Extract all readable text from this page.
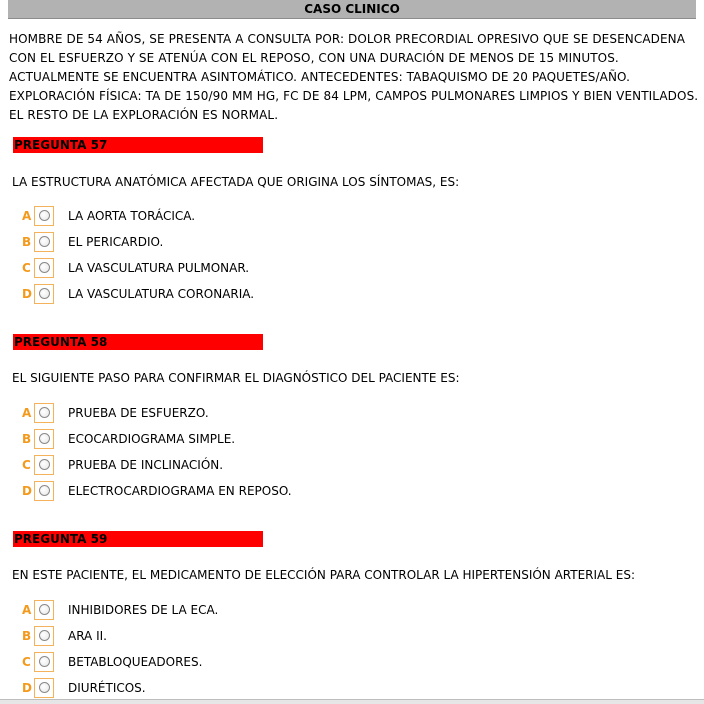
CASO CLINICO
HOMBRE DE 54 AÑOS, SE PRESENTA A CONSULTA POR: DOLOR PRECORDIAL OPRESIVO QUE SE DESENCADENA CON EL ESFUERZO Y SE ATENÚA CON EL REPOSO, CON UNA DURACIÓN DE MENOS DE 15 MINUTOS. ACTUALMENTE SE ENCUENTRA ASINTOMÁTICO. ANTECEDENTES: TABAQUISMO DE 20 PAQUETES/AÑO. EXPLORACIÓN FÍSICA: TA DE 150/90 MM HG, FC DE 84 LPM, CAMPOS PULMONARES LIMPIOS Y BIEN VENTILADOS. EL RESTO DE LA EXPLORACIÓN ES NORMAL.
PREGUNTA 57
LA ESTRUCTURA ANATÓMICA AFECTADA QUE ORIGINA LOS SÍNTOMAS, ES:
A	LA AORTA TORÁCICA.
B	EL PERICARDIO.
C	LA VASCULATURA PULMONAR.
D	LA VASCULATURA CORONARIA.
PREGUNTA 58
EL SIGUIENTE PASO PARA CONFIRMAR EL DIAGNÓSTICO DEL PACIENTE ES:
A	PRUEBA DE ESFUERZO.
B	ECOCARDIOGRAMA SIMPLE.
C	PRUEBA DE INCLINACIÓN.
D	ELECTROCARDIOGRAMA EN REPOSO.
PREGUNTA 59
EN ESTE PACIENTE, EL MEDICAMENTO DE ELECCIÓN PARA CONTROLAR LA HIPERTENSIÓN ARTERIAL ES:
A	INHIBIDORES DE LA ECA.
B	ARA II.
C	BETABLOQUEADORES.
D	DIURÉTICOS.
